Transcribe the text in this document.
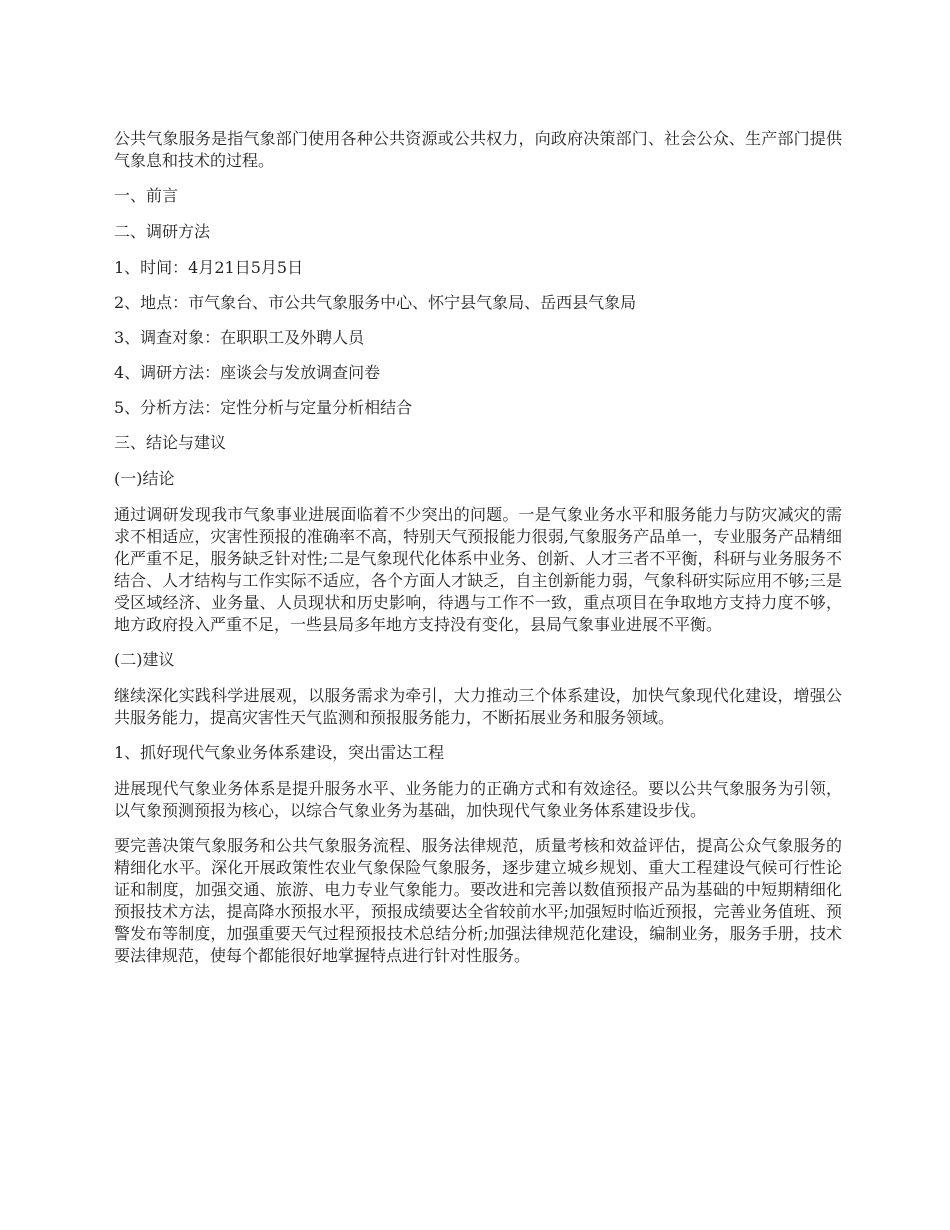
公共气象服务是指气象部门使用各种公共资源或公共权力，向政府决策部门、社会公众、生产部门提供气象息和技术的过程。

一、前言

二、调研方法

1、时间：4月21日5月5日

2、地点：市气象台、市公共气象服务中心、怀宁县气象局、岳西县气象局

3、调查对象：在职职工及外聘人员

4、调研方法：座谈会与发放调查问卷

5、分析方法：定性分析与定量分析相结合

三、结论与建议

(一)结论

通过调研发现我市气象事业进展面临着不少突出的问题。一是气象业务水平和服务能力与防灾减灾的需求不相适应，灾害性预报的准确率不高，特别天气预报能力很弱,气象服务产品单一，专业服务产品精细化严重不足，服务缺乏针对性;二是气象现代化体系中业务、创新、人才三者不平衡，科研与业务服务不结合、人才结构与工作实际不适应，各个方面人才缺乏，自主创新能力弱，气象科研实际应用不够;三是受区域经济、业务量、人员现状和历史影响，待遇与工作不一致，重点项目在争取地方支持力度不够，地方政府投入严重不足，一些县局多年地方支持没有变化，县局气象事业进展不平衡。

(二)建议

继续深化实践科学进展观，以服务需求为牵引，大力推动三个体系建设，加快气象现代化建设，增强公共服务能力，提高灾害性天气监测和预报服务能力，不断拓展业务和服务领域。

1、抓好现代气象业务体系建设，突出雷达工程

进展现代气象业务体系是提升服务水平、业务能力的正确方式和有效途径。要以公共气象服务为引领，以气象预测预报为核心，以综合气象业务为基础，加快现代气象业务体系建设步伐。

要完善决策气象服务和公共气象服务流程、服务法律规范，质量考核和效益评估，提高公众气象服务的精细化水平。深化开展政策性农业气象保险气象服务，逐步建立城乡规划、重大工程建设气候可行性论证和制度，加强交通、旅游、电力专业气象能力。要改进和完善以数值预报产品为基础的中短期精细化预报技术方法，提高降水预报水平，预报成绩要达全省较前水平;加强短时临近预报，完善业务值班、预警发布等制度，加强重要天气过程预报技术总结分析;加强法律规范化建设，编制业务，服务手册，技术要法律规范，使每个都能很好地掌握特点进行针对性服务。
